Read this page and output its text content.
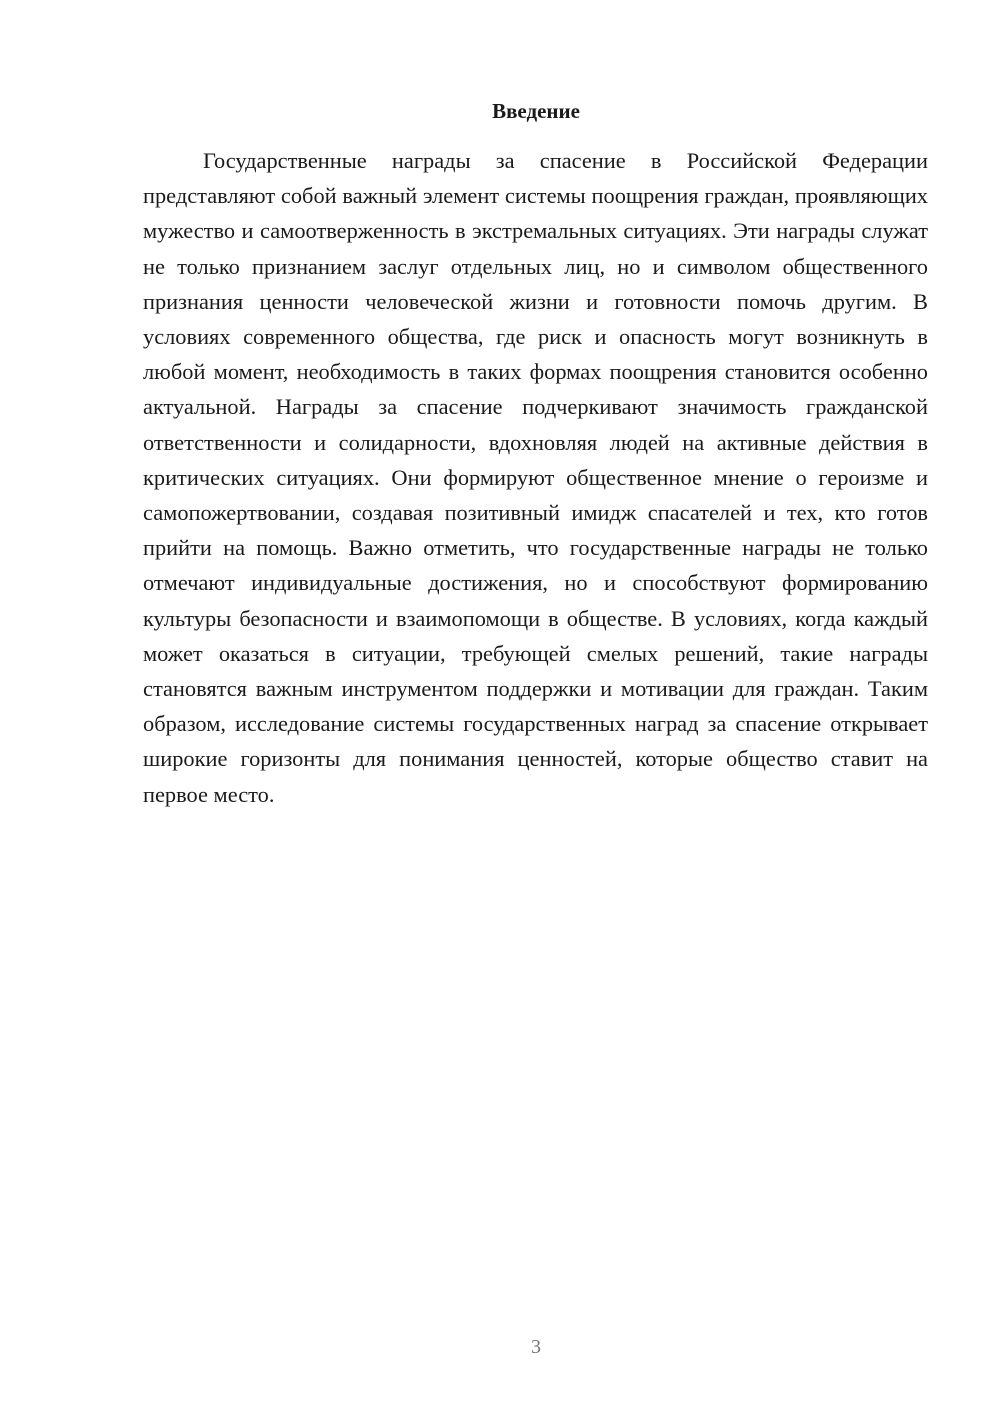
Введение

Государственные награды за спасение в Российской Федерации представляют собой важный элемент системы поощрения граждан, проявляющих мужество и самоотверженность в экстремальных ситуациях. Эти награды служат не только признанием заслуг отдельных лиц, но и символом общественного признания ценности человеческой жизни и готовности помочь другим. В условиях современного общества, где риск и опасность могут возникнуть в любой момент, необходимость в таких формах поощрения становится особенно актуальной. Награды за спасение подчеркивают значимость гражданской ответственности и солидарности, вдохновляя людей на активные действия в критических ситуациях. Они формируют общественное мнение о героизме и самопожертвовании, создавая позитивный имидж спасателей и тех, кто готов прийти на помощь. Важно отметить, что государственные награды не только отмечают индивидуальные достижения, но и способствуют формированию культуры безопасности и взаимопомощи в обществе. В условиях, когда каждый может оказаться в ситуации, требующей смелых решений, такие награды становятся важным инструментом поддержки и мотивации для граждан. Таким образом, исследование системы государственных наград за спасение открывает широкие горизонты для понимания ценностей, которые общество ставит на первое место.

3
